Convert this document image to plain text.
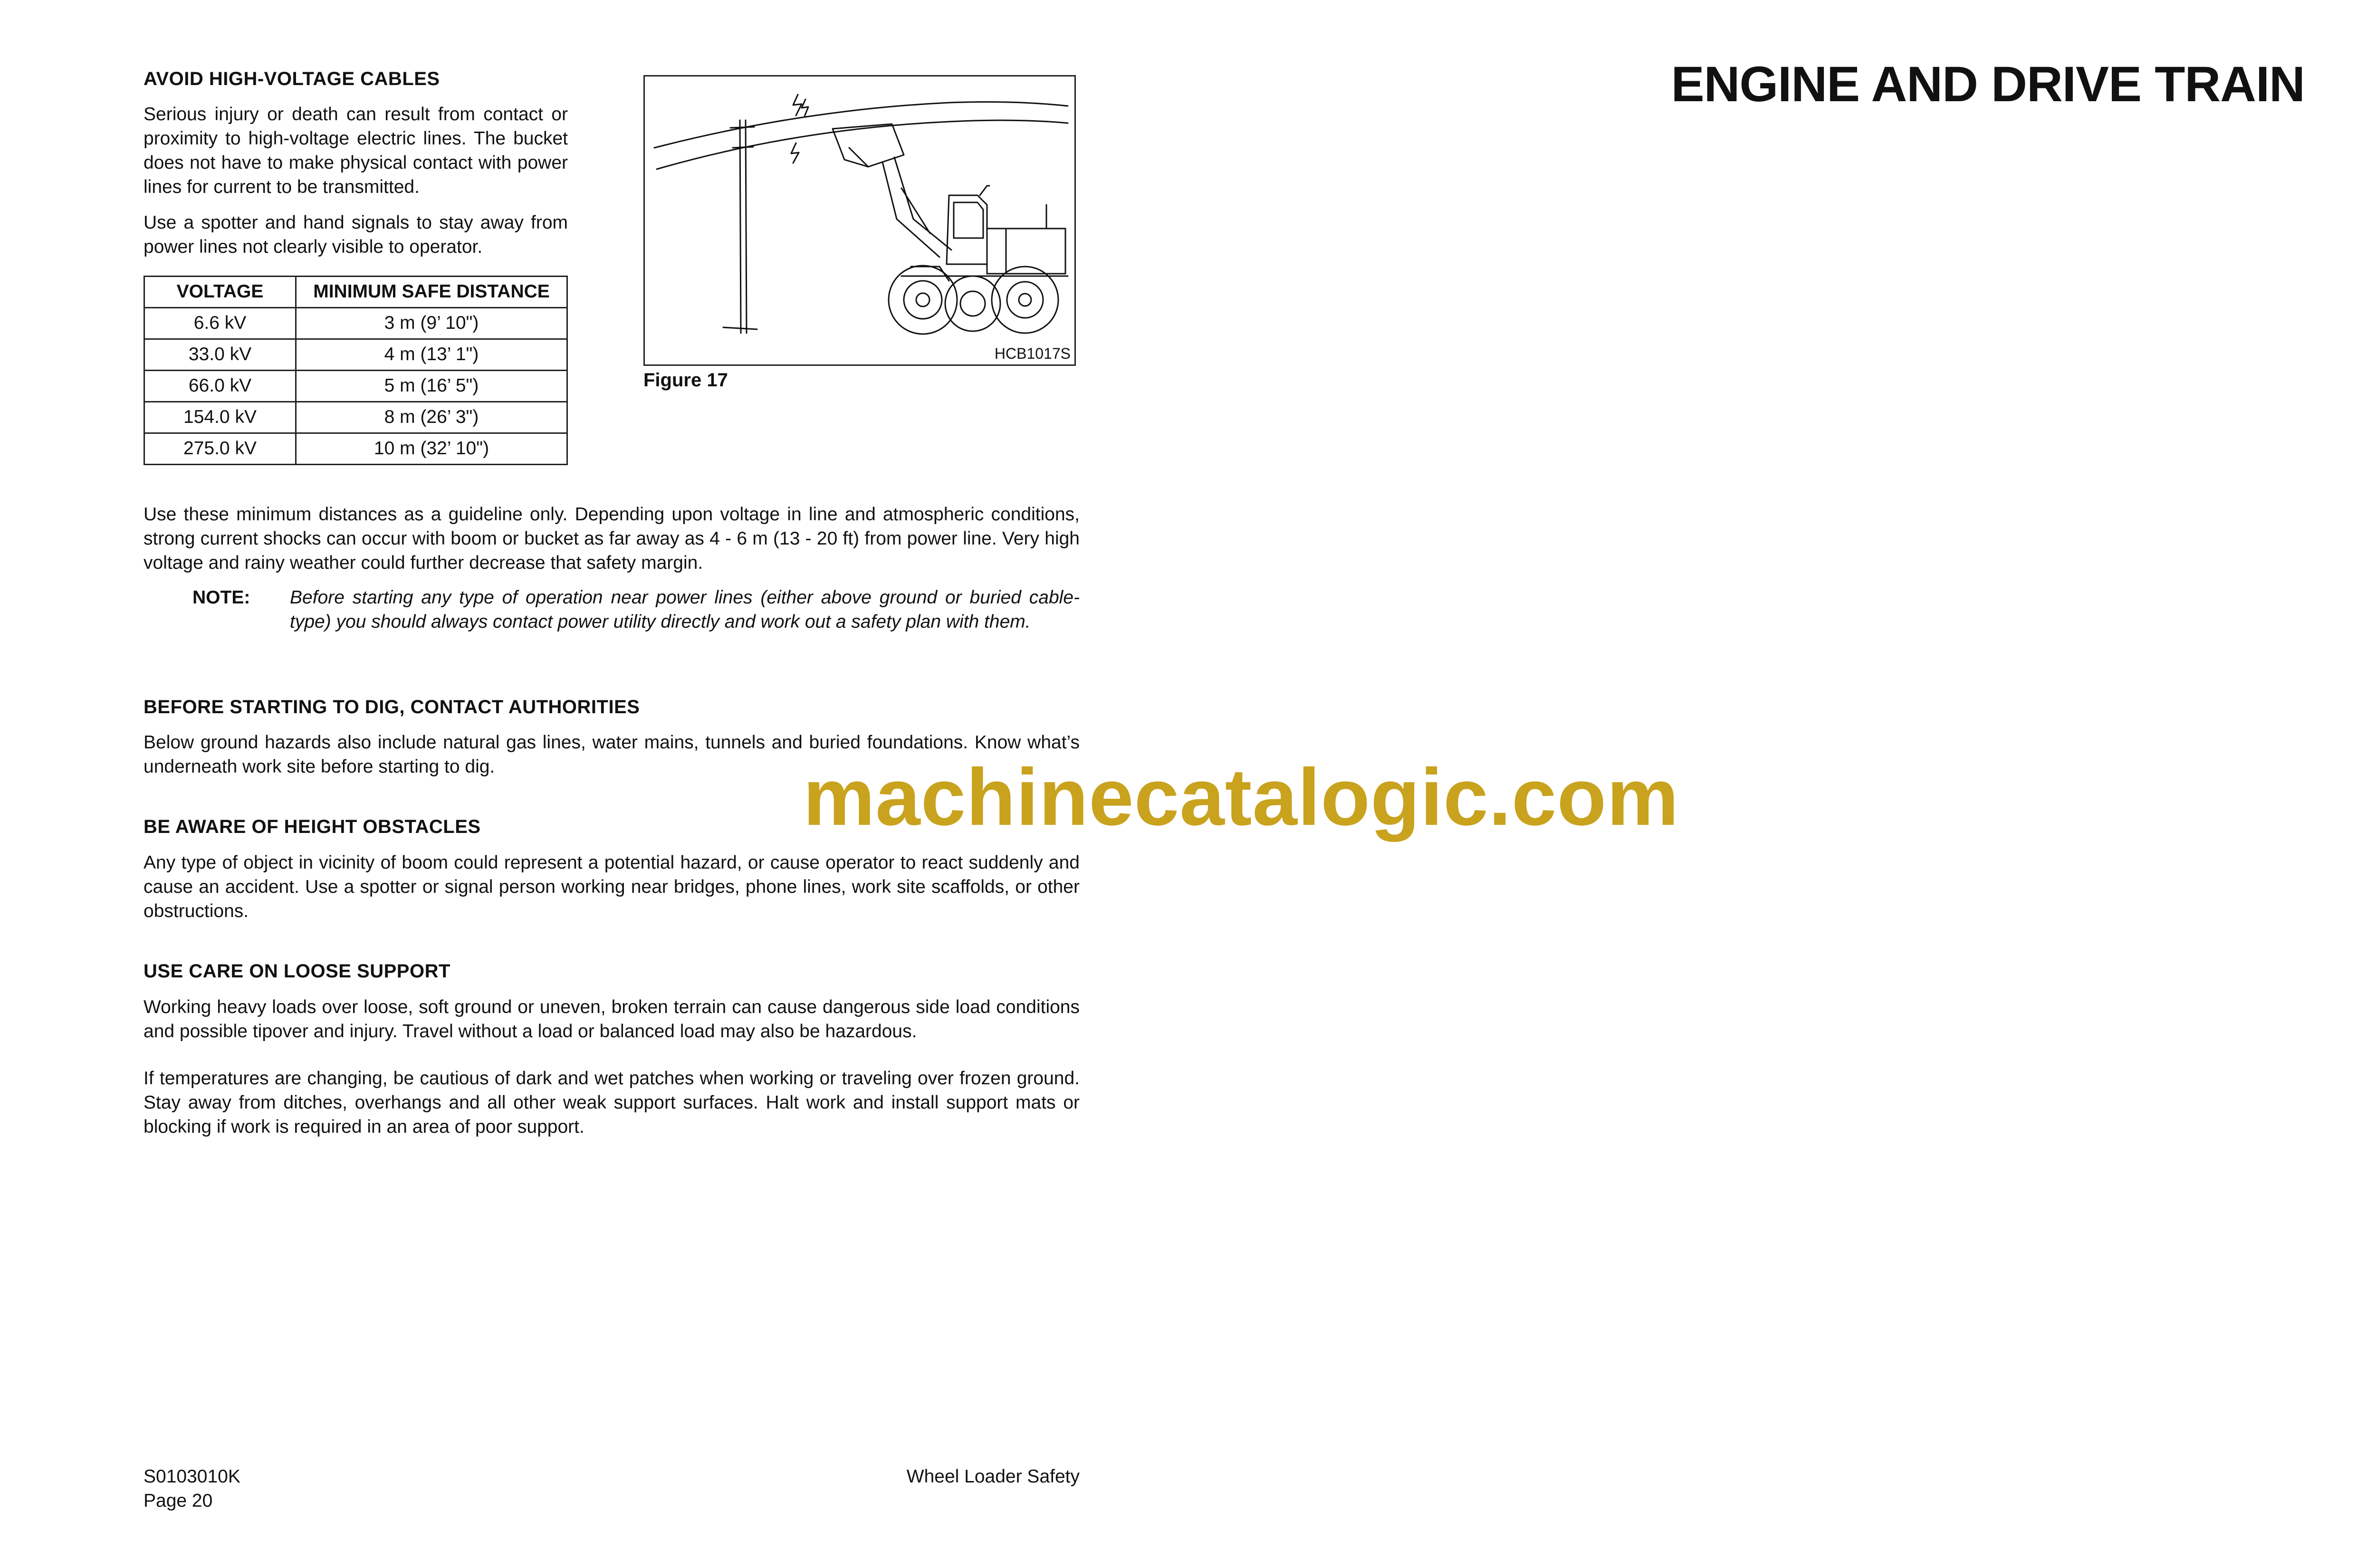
ENGINE AND DRIVE TRAIN
AVOID HIGH-VOLTAGE CABLES

Serious injury or death can result from contact or proximity to high-voltage electric lines. The bucket does not have to make physical contact with power lines for current to be transmitted.

Use a spotter and hand signals to stay away from power lines not clearly visible to operator.

VOLTAGE	MINIMUM SAFE DISTANCE
6.6 kV	3 m (9’ 10")
33.0 kV	4 m (13’ 1")
66.0 kV	5 m (16’ 5")
154.0 kV	8 m (26’ 3")
275.0 kV	10 m (32’ 10")
HCB1017S
Figure 17

Use these minimum distances as a guideline only. Depending upon voltage in line and atmospheric conditions, strong current shocks can occur with boom or bucket as far away as 4 - 6 m (13 - 20 ft) from power line. Very high voltage and rainy weather could further decrease that safety margin.

NOTE: Before starting any type of operation near power lines (either above ground or buried cable-type) you should always contact power utility directly and work out a safety plan with them.
BEFORE STARTING TO DIG, CONTACT AUTHORITIES

Below ground hazards also include natural gas lines, water mains, tunnels and buried foundations. Know what’s underneath work site before starting to dig.

BE AWARE OF HEIGHT OBSTACLES

Any type of object in vicinity of boom could represent a potential hazard, or cause operator to react suddenly and cause an accident. Use a spotter or signal person working near bridges, phone lines, work site scaffolds, or other obstructions.

USE CARE ON LOOSE SUPPORT

Working heavy loads over loose, soft ground or uneven, broken terrain can cause dangerous side load conditions and possible tipover and injury. Travel without a load or balanced load may also be hazardous.

If temperatures are changing, be cautious of dark and wet patches when working or traveling over frozen ground. Stay away from ditches, overhangs and all other weak support surfaces. Halt work and install support mats or blocking if work is required in an area of poor support.

machinecatalogic.com
S0103010K
Page 20
Wheel Loader Safety
